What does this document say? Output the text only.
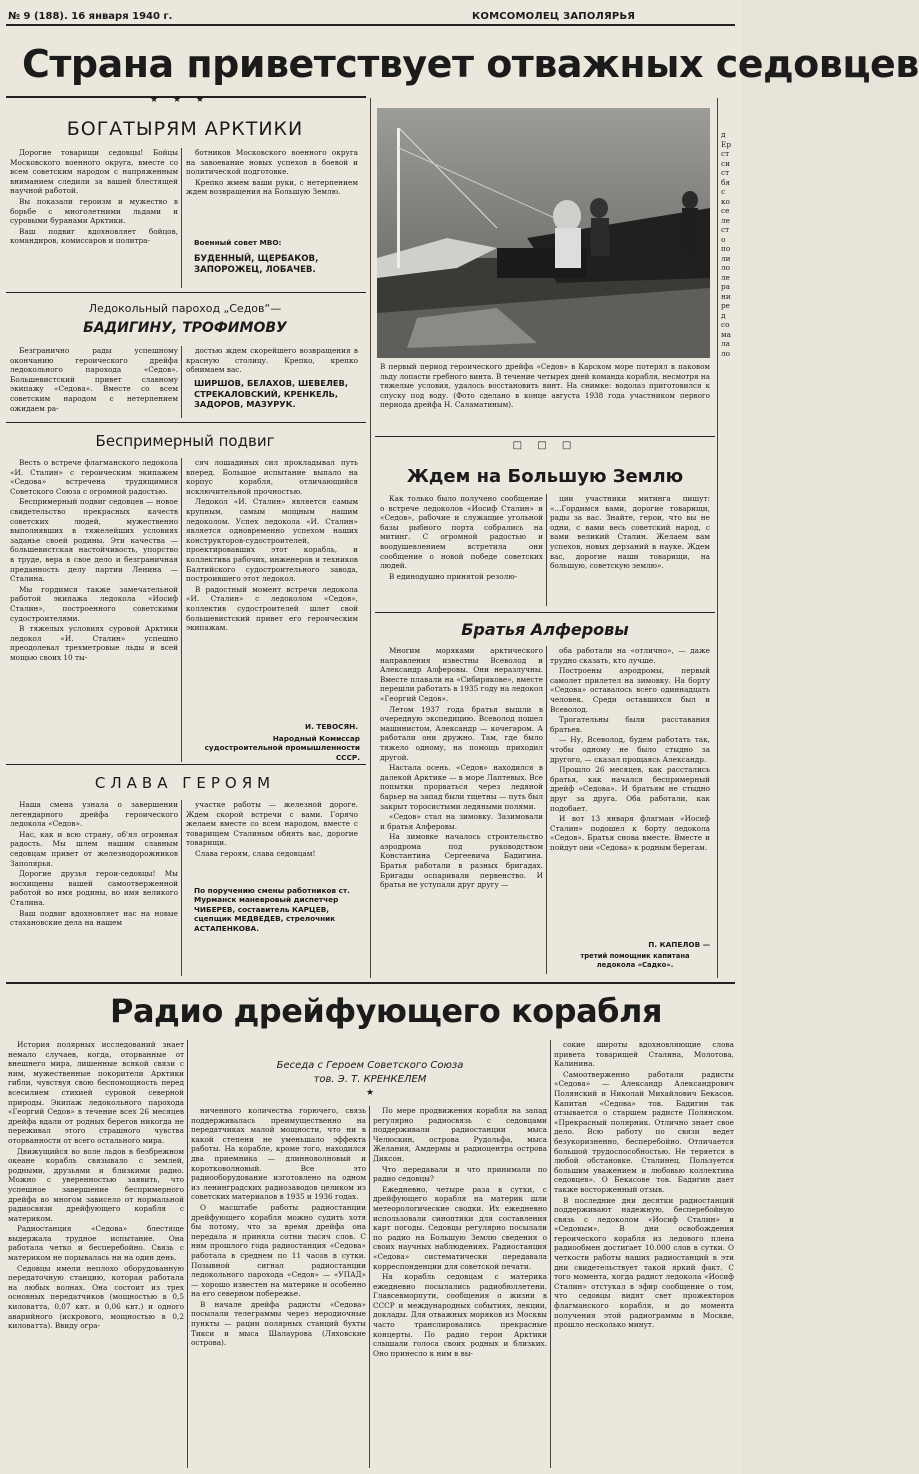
№ 9 (188). 16 января 1940 г.	КОМСОМОЛЕЦ ЗАПОЛЯРЬЯ
Страна приветствует отважных седовцев
★ ★ ★
БОГАТЫРЯМ АРКТИКИ

Дорогие товарищи седовцы! Бойцы Московского военного округа, вместе со всем советским народом с напряженным вниманием следили за вашей блестящей научной работой.

Вы показали героизм и мужество в борьбе с многолетними льдами и суровыми буранами Арктики.

Ваш подвиг вдохновляет бойцов, командиров, комиссаров и политра-

ботников Московского военного округа на завоевание новых успехов в боевой и политической подготовке.

Крепко жмем ваши руки, с нетерпением ждем возвращения на Большую Землю.

Военный совет МВО:
БУДЕННЫЙ, ЩЕРБАКОВ, ЗАПОРОЖЕЦ, ЛОБАЧЕВ.
Ледокольный пароход „Седов“—
БАДИГИНУ, ТРОФИМОВУ

Безгранично рады успешному окончанию героического дрейфа ледокольного парохода «Седов». Большевистский привет славному экипажу «Седова». Вместе со всем советским народом с нетерпением ожидаем ра-

достью ждем скорейшего возвращения в красную столицу. Крепко, крепко обнимаем вас.

ШИРШОВ, БЕЛАХОВ, ШЕВЕЛЕВ, СТРЕКАЛОВСКИЙ, КРЕНКЕЛЬ, ЗАДОРОВ, МАЗУРУК.
Беспримерный подвиг

Весть о встрече флагманского ледокола «И. Сталин» с героическим экипажем «Седова» встречена трудящимися Советского Союза с огромной радостью.

Беспримерный подвиг седовцев — новое свидетельство прекрасных качеств советских людей, мужественно выполнявших в тяжелейших условиях заданье своей родины. Эти качества — большевистская настойчивость, упорство в труде, вера в свое дело и безграничная преданность делу партии Ленина — Сталина.

Мы гордимся также замечательной работой экипажа ледокола «Иосиф Сталин», построенного советскими судостроителями.

В тяжелых условиях суровой Арктики ледокол «И. Сталин» успешно преодолевал трехметровые льды и всей мощью своих 10 ты-

сяч лошадиных сил прокладывал путь вперед. Большое испытание выпало на корпус корабля, отличающийся исключительной прочностью.

Ледокол «И. Сталин» является самым крупным, самым мощным нашим ледоколом. Успех ледокола «И. Сталин» является одновременно успехом наших конструкторов-судостроителей, проектировавших этот корабль, и коллектива рабочих, инженеров и техников Балтийского судостроительного завода, построившего этот ледокол.

В радостный момент встречи ледокола «И. Сталин» с ледоколом «Седов», коллектив судостроителей шлет свой большевистский привет его героическим экипажам.

И. ТЕВОСЯН.
Народный Комиссар судостроительной промышленности СССР.
СЛАВА ГЕРОЯМ

Наша смена узнала о завершении легендарного дрейфа героического ледокола «Седов».

Нас, как и всю страну, об'ял огромная радость. Мы шлем нашим славным седовцам привет от железнодорожников Заполярья.

Дорогие друзья герои-седовцы! Мы восхищены вашей самоотверженной работой во имя родины, во имя великого Сталина.

Ваш подвиг вдохновляет нас на новые стахановские дела на нашем

участке работы — железной дороге. Ждем скорой встречи с вами. Горячо желаем вместе со всем народом, вместе с товарищем Сталиным обнять вас, дорогие товарищи.

Слава героям, слава седовцам!

По поручению смены работников ст. Мурманск маневровый диспетчер ЧИБЕРЕВ, составитель КАРЦЕВ, сцепщик МЕДВЕДЕВ, стрелочник АСТАПЕНКОВА.
В первый период героического дрейфа «Седов» в Карском море потерял в паковом льду лопасти гребного винта. В течение четырех дней команда корабля, несмотря на тяжелые условия, удалось восстановить винт. На снимке: водолаз приготовился к спуску под воду. (Фото сделано в конце августа 1938 года участником первого периода дрейфа Н. Саламатиным).
□ □ □
Ждем на Большую Землю

Как только было получено сообщение о встрече ледоколов «Иосиф Сталин» и «Седов», рабочие и служащие угольной базы рыбного порта собрались на митинг. С огромной радостью и воодушевлением встретила они сообщение о новой победе советских людей.

В единодушно принятой резолю-

ции участники митинга пишут: «...Гордимся вами, дорогие товарищи, рады за вас. Знайте, герои, что вы не одни, с вами весь советский народ, с вами великий Сталин. Желаем вам успехов, новых дерзаний в науке. Ждем вас, дорогие наши товарищи, на большую, советскую землю».

Братья Алферовы

Многим моряками арктического направления известны Всеволод и Александр Алферовы. Они неразлучны. Вместе плавали на «Сибирякове», вместе перешли работать в 1935 году на ледокол «Георгий Седов».

Летом 1937 года братья вышли в очередную экспедицию. Всеволод пошел машинистом, Александр — кочегаром. А работали они дружно. Там, где было тяжело одному, на помощь приходил другой.

Настала осень. «Седов» находился в далекой Арктике — в море Лаптевых. Все попытки прорваться через ледяной барьер на запад были тщетны — путь был закрыт торосистыми ледяными полями.

«Седов» стал на зимовку. Зазимовали и братья Алферовы.

На зимовке началось строительство аэродрома под руководством Константина Сергеевича Бадигина. Братья работали в разных бригадах. Бригады оспаривали первенство. И братья не уступали друг другу —

оба работали на «отлично», — даже трудно сказать, кто лучше.

Построены аэродромы, первый самолет прилетел на зимовку. На борту «Седова» оставалось всего одиннадцать человек. Среди оставшихся был и Всеволод.

Трогательны были расставания братьев.

— Ну, Всеволод, будем работать так, чтобы одному не было стыдно за другого, — сказал прощаясь Александр.

Прошло 26 месяцев, как расстались братья, как начался беспримерный дрейф «Седова». И братьям не стыдно друг за друга. Оба работали, как подобает.

И вот 13 января флагман «Иосиф Сталин» подошел к борту ледокола «Седов». Братья снова вместе. Вместе и пойдут они «Седова» к родным берегам.

П. КАПЕЛОВ —
третий помощник капитана ледокола «Садко».
д
Ер
ст
си
ст
бя
с
ко
се
ле
ст
о
по
ли
ло
ле
ра
ни
ре
д
со
ма
ла
ло
Радио дрейфующего корабля

История полярных исследований знает немало случаев, когда, оторванные от внешнего мира, лишенные всякой связи с ним, мужественные покорители Арктики гибли, чувствуя свою беспомощность перед всесилием стихией суровой северной природы. Экипаж ледокольного парохода «Георгий Седов» в течение всех 26 месяцев дрейфа вдали от родных берегов никогда не переживал этого страшного чувства оторванности от всего остального мира.

Движущийся во воле льдов в безбрежном океане корабль связывало с землей, родными, друзьями и близкими радио. Можно с уверенностью заявить, что успешное завершение беспримерного дрейфа во многом зависело от нормальной радиосвязи дрейфующего корабля с материком.

Радиостанция «Седова» блестяще выдержала трудное испытание. Она работала четко и бесперебойно. Связь с материком не порывалась ни на один день.

Седовцы имели неплохо оборудованную передаточную станцию, которая работала на любых волнах. Она состоит из трех основных передатчиков (мощностью в 0,5 киловатта, 0,07 квт. и 0,06 квт.) и одного аварийного (искрового, мощностью в 0,2 киловатта). Ввиду огра-

Беседа с Героем Советского Союза
тов. Э. Т. КРЕНКЕЛЕМ
★

ниченного количества горючего, связь поддерживалась преимущественно на передатчиках малой мощности, что ни в какой степени не уменьшало эффекта работы. На корабле, кроме того, находился два приемника — длинноволновый и коротковолновый. Все это радиооборудование изготовлено на одном из ленинградских радиозаводов целиком из советских материалов в 1935 и 1936 годах.

О масштабе работы радиостанции дрейфующего корабля можно судить хотя бы потому, что за время дрейфа она передала и приняла сотни тысяч слов. С ним прошлого года радиостанция «Седова» работала в среднем по 11 часов в сутки. Позывной сигнал радиостанции ледокольного парохода «Седов» — «УПАД» — хорошо известен на материке и особенно на его северном побережье.

В начале дрейфа радисты «Седова» посылали телеграммы через неродиочные пункты — рации полярных станций бухты Тикси и мыса Шалаурова (Ляховские острова).

По мере продвижения корабля на запад регулярно радиосвязь с седовцами поддерживали радиостанции мыса Челюскин, острова Рудольфа, мыса Желания, Амдермы и радиоцентра острова Диксон.

Что передавали и что принимали по радио седовцы?

Ежедневно, четыре раза в сутки, с дрейфующего корабля на материк шли метеорологические сводки. Их ежедневно использовали синоптики для составления карт погоды. Седовцы регулярно посылали по радио на Большую Землю сведения о своих научных наблюдениях. Радиостанция «Седова» систематически передавала корреспонденции для советской печати.

На корабль седовцам с материка ежедневно посылались радиобюллетени. Главсевморпути, сообщения о жизни в СССР и международных событиях, лекции, доклады. Для отважных моряков из Москвы часто транслировались прекрасные концерты. По радио герои Арктики слышали голоса своих родных и близких. Оно принесло к ним в вы-

сокие широты вдохновляющие слова привета товарищей Сталина, Молотова, Калинина.

Самоотверженно работали радисты «Седова» — Александр Александрович Полянский и Николай Михайлович Бекасов. Капитан «Седова» тов. Бадигин так отзывается о старшем радисте Полянском. «Прекрасный полярник. Отлично знает свое дело. Всю работу по связи ведет безукоризненно, бесперебойно. Отличается большой трудоспособностью. Не теряется в любой обстановке. Сталинец. Пользуется большим уважением и любовью коллектива седовцев». О Бекасове тов. Бадигин дает также восторженный отзыв.

В последние дни десятки радиостанций поддерживают надежную, бесперебойную связь с ледоколом «Иосиф Сталин» и «Седовым». В дни освобождения героического корабля из ледового плена радиообмен достигает 10.000 слов в сутки. О четкости работы наших радиостанций в эти дни свидетельствует такой яркий факт. С того момента, когда радист ледокола «Иосиф Сталин» отстукал в эфир сообщение о том, что седовцы видят свет прожекторов флагманского корабля, и до момента получения этой радиограммы в Москве, прошло несколько минут.
